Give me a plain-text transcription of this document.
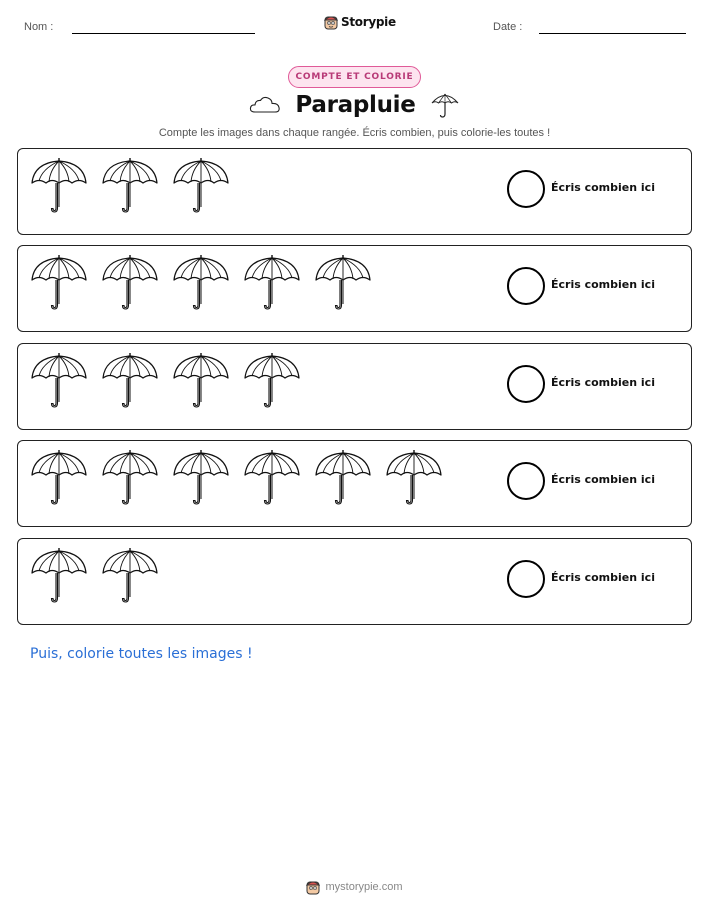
Nom :	Storypie	Date :
COMPTE ET COLORIE
Parapluie
Compte les images dans chaque rangée. Écris combien, puis colorie-les toutes !
Écris combien ici
Écris combien ici
Écris combien ici
Écris combien ici
Écris combien ici
Puis, colorie toutes les images !
mystorypie.com
